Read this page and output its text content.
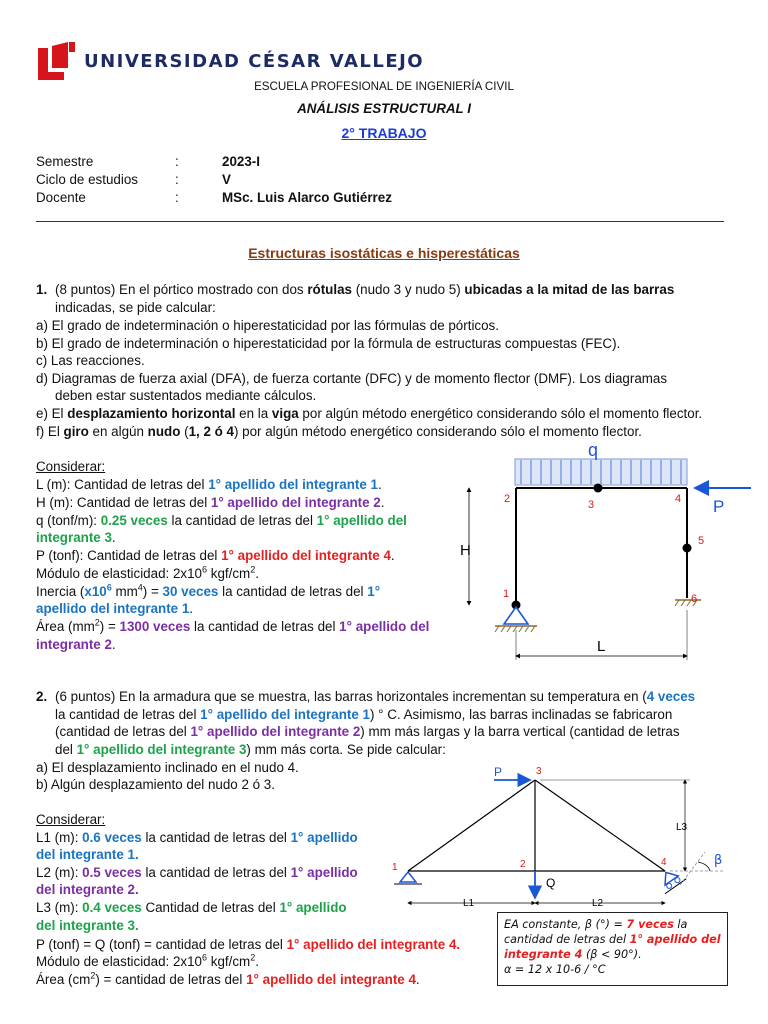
UNIVERSIDAD CÉSAR VALLEJO
ESCUELA PROFESIONAL DE INGENIERÍA CIVIL
ANÁLISIS ESTRUCTURAL I
2° TRABAJO
Semestre	:	2023-I
Ciclo de estudios	:	V
Docente	:	MSc. Luis Alarco Gutiérrez
Estructuras isostáticas e hisperestáticas
1. (8 puntos) En el pórtico mostrado con dos rótulas (nudo 3 y nudo 5) ubicadas a la mitad de las barras
indicadas, se pide calcular:
a) El grado de indeterminación o hiperestaticidad por las fórmulas de pórticos.
b) El grado de indeterminación o hiperestaticidad por la fórmula de estructuras compuestas (FEC).
c) Las reacciones.
d) Diagramas de fuerza axial (DFA), de fuerza cortante (DFC) y de momento flector (DMF). Los diagramas
deben estar sustentados mediante cálculos.
e) El desplazamiento horizontal en la viga por algún método energético considerando sólo el momento flector.
f) El giro en algún nudo (1, 2 ó 4) por algún método energético considerando sólo el momento flector.
Considerar:
L (m): Cantidad de letras del 1° apellido del integrante 1.
H (m): Cantidad de letras del 1° apellido del integrante 2.
q (tonf/m): 0.25 veces la cantidad de letras del 1° apellido del
integrante 3.
P (tonf): Cantidad de letras del 1° apellido del integrante 4.
Módulo de elasticidad: $2x10^6$ kgf/$cm^2$.
Inercia ($x10^6$ $mm^4) = 30$ veces la cantidad de letras del 1°
apellido del integrante 1.
Área $(mm^2) = 1300$ veces la cantidad de letras del 1° apellido del
integrante 2.
q
P
H
L
1
2	3	4
5
6
2. (6 puntos) En la armadura que se muestra, las barras horizontales incrementan su temperatura en (4 veces
la cantidad de letras del 1° apellido del integrante 1) ° C. Asimismo, las barras inclinadas se fabricaron
(cantidad de letras del 1° apellido del integrante 2) mm más largas y la barra vertical (cantidad de letras
del 1° apellido del integrante 3) mm más corta. Se pide calcular:
a) El desplazamiento inclinado en el nudo 4.
b) Algún desplazamiento del nudo 2 ó 3.
Considerar:
L1 (m): 0.6 veces la cantidad de letras del 1° apellido
del integrante 1.
L2 (m): 0.5 veces la cantidad de letras del 1° apellido
del integrante 2.
L3 (m): 0.4 veces Cantidad de letras del 1° apellido
del integrante 3.
P (tonf) = Q (tonf) = cantidad de letras del 1° apellido del integrante 4.
Módulo de elasticidad: $2x10^6$ kgf/$cm^2$.
Área $(cm^2)$ = cantidad de letras del 1° apellido del integrante 4.
β
P
Q
L1	L2
L3
1	2
3
4
EA constante, β (°) = 7 veces la
cantidad de letras del 1° apellido del
integrante 4 (β < 90°).
α = 12 x 10-6 / °C
